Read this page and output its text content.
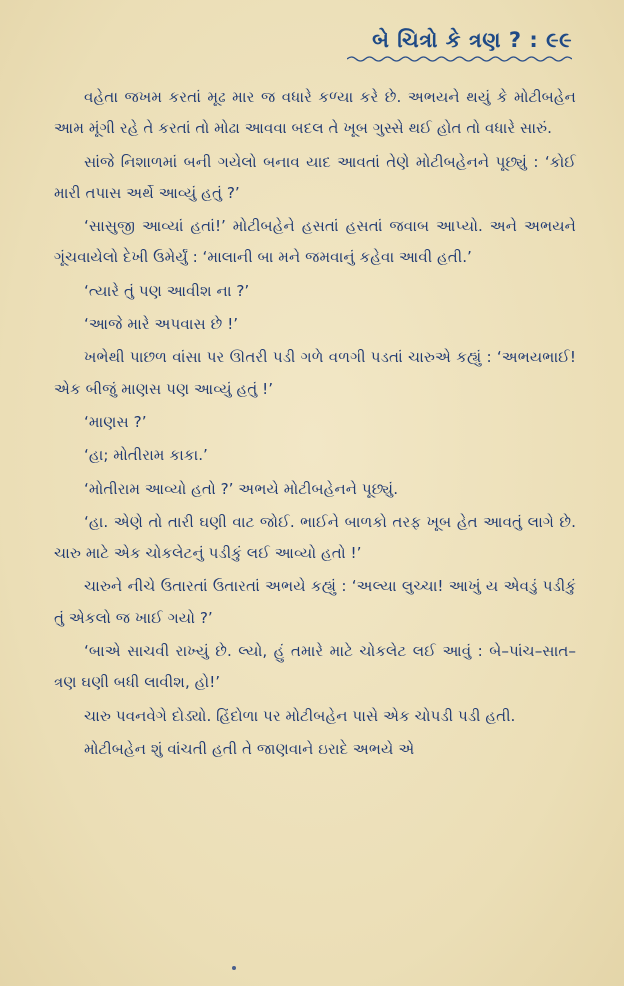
બે ચિત્રો કે ત્રણ ? : ૯૯

વહેતા જખમ કરતાં મૂઢ માર જ વધારે કળ્યા કરે છે. અભયને થયું કે મોટીબહેન આમ મૂંગી રહે તે કરતાં તો મોઢા આવવા બદલ તે ખૂબ ગુસ્સે થઈ હોત તો વધારે સારું.

સાંજે નિશાળમાં બની ગયેલો બનાવ યાદ આવતાં તેણે મોટીબહેનને પૂછ્યું : ‘કોઈ મારી તપાસ અર્થે આવ્યું હતું ?’

‘સાસુજી આવ્યાં હતાં!’ મોટીબહેને હસતાં હસતાં જવાબ આપ્યો. અને અભયને ગૂંચવાયેલો દેખી ઉમેર્યું : ‘માલાની બા મને જમવાનું કહેવા આવી હતી.’

‘ત્યારે તું પણ આવીશ ના ?’

‘આજે મારે અપવાસ છે !’

ખભેથી પાછળ વાંસા પર ઊતરી પડી ગળે વળગી પડતાં ચારુએ કહ્યું : ‘અભયભાઈ! એક બીજું માણસ પણ આવ્યું હતું !’

‘માણસ ?’

‘હા; મોતીરામ કાકા.’

‘મોતીરામ આવ્યો હતો ?’ અભયે મોટીબહેનને પૂછ્યું.

‘હા. એણે તો તારી ઘણી વાટ જોઈ. ભાઈને બાળકો તરફ ખૂબ હેત આવતું લાગે છે. ચારુ માટે એક ચોકલેટનું પડીકું લઈ આવ્યો હતો !’

ચારુને નીચે ઉતારતાં ઉતારતાં અભયે કહ્યું : ‘અલ્યા લુચ્ચા! આખું ય એવડું પડીકું તું એકલો જ ખાઈ ગયો ?’

‘બાએ સાચવી રાખ્યું છે. લ્યો, હું તમારે માટે ચોકલેટ લઈ આવું : બે–પાંચ–સાત–ત્રણ ઘણી બધી લાવીશ, હો!’

ચારુ પવનવેગે દોડ્યો. હિંદોળા પર મોટીબહેન પાસે એક ચોપડી પડી હતી.

મોટીબહેન શું વાંચતી હતી તે જાણવાને ઇરાદે અભયે એ
